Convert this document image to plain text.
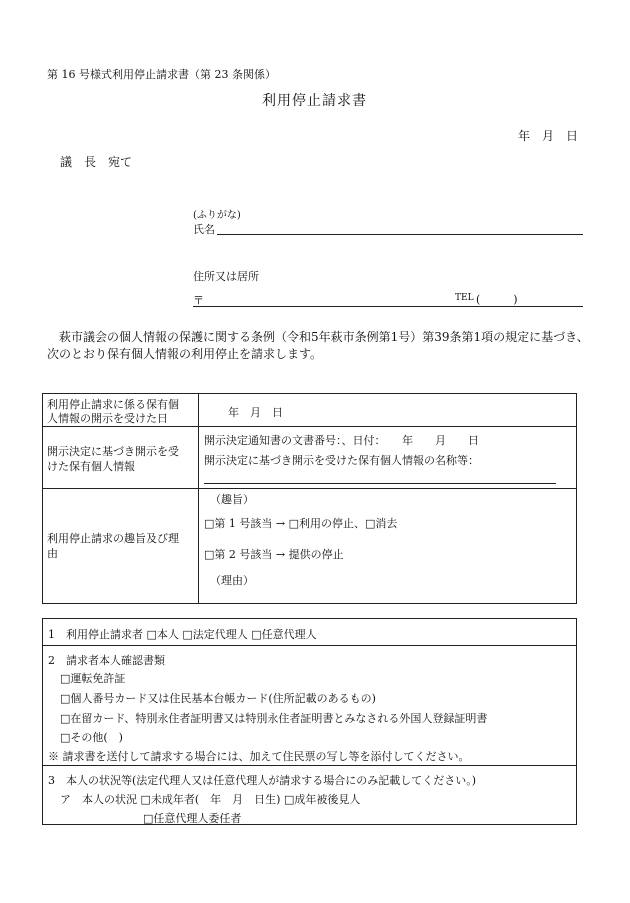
第 16 号様式利用停止請求書（第 23 条関係）
利用停止請求書
年　月　日
議　長　宛て
(ふりがな)
氏名
住所又は居所
〒	TEL (　　　)
萩市議会の個人情報の保護に関する条例（令和5年萩市条例第1号）第39条第1項の規定に基づき、
次のとおり保有個人情報の利用停止を請求します。
利用停止請求に係る保有個
人情報の開示を受けた日	年　月　日
開示決定に基づき開示を受
けた保有個人情報
開示決定通知書の文書番号：、日付：　　年　　月　　日
開示決定に基づき開示を受けた保有個人情報の名称等：
利用停止請求の趣旨及び理
由
（趣旨）
□第 1 号該当 → □利用の停止、□消去
□第 2 号該当 → 提供の停止
（理由）
1　利用停止請求者 □本人 □法定代理人 □任意代理人
2　請求者本人確認書類
□運転免許証
□個人番号カード又は住民基本台帳カード(住所記載のあるもの)
□在留カード、特別永住者証明書又は特別永住者証明書とみなされる外国人登録証明書
□その他(　)
※ 請求書を送付して請求する場合には、加えて住民票の写し等を添付してください。
3　本人の状況等(法定代理人又は任意代理人が請求する場合にのみ記載してください。)
ア　本人の状況 □未成年者(　年　月　日生) □成年被後見人
□任意代理人委任者
